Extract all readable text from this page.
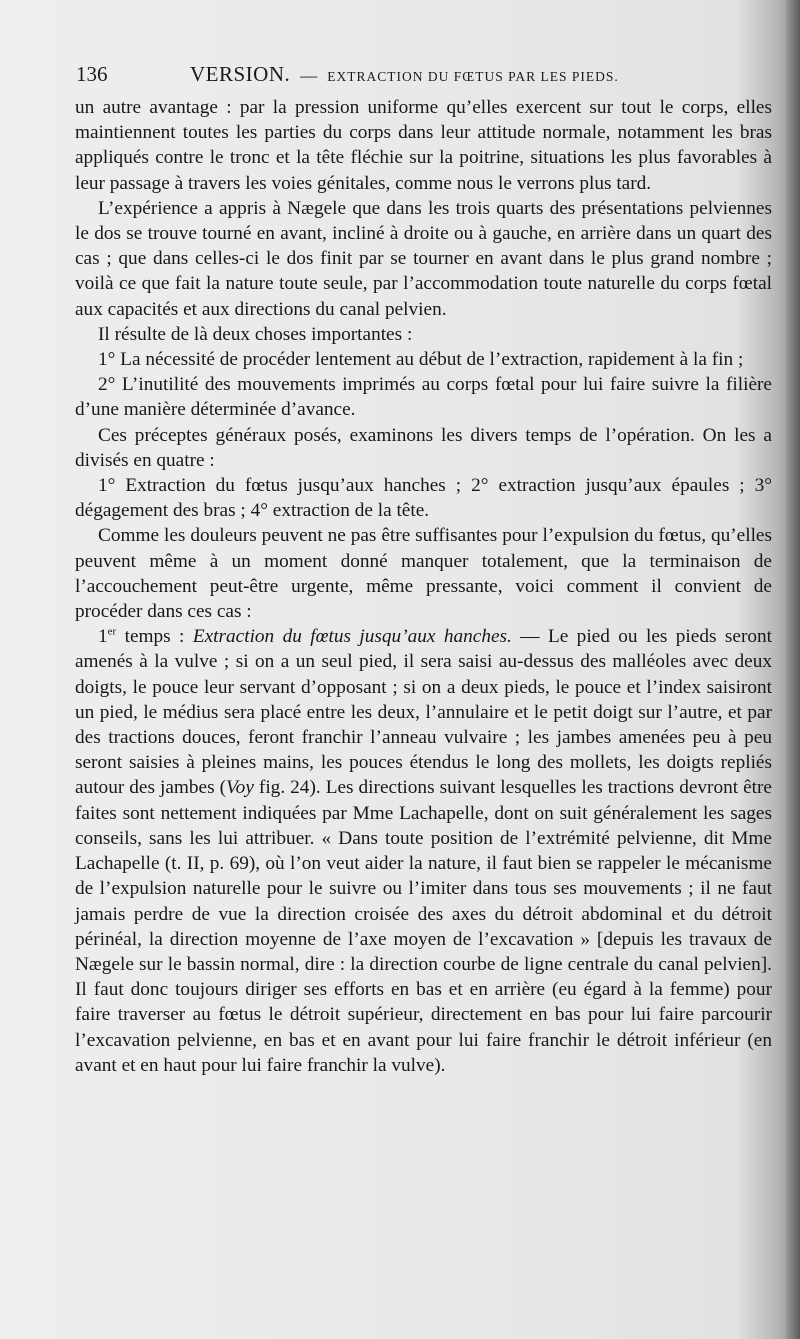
136	VERSION. — EXTRACTION DU FŒTUS PAR LES PIEDS.

un autre avantage : par la pression uniforme qu’elles exercent sur tout le corps, elles maintiennent toutes les parties du corps dans leur attitude normale, notamment les bras appliqués contre le tronc et la tête fléchie sur la poitrine, situations les plus favorables à leur passage à travers les voies génitales, comme nous le verrons plus tard.

L’expérience a appris à Nægele que dans les trois quarts des présentations pelviennes le dos se trouve tourné en avant, incliné à droite ou à gauche, en arrière dans un quart des cas ; que dans celles-ci le dos finit par se tourner en avant dans le plus grand nombre ; voilà ce que fait la nature toute seule, par l’accommodation toute naturelle du corps fœtal aux capacités et aux directions du canal pelvien.

Il résulte de là deux choses importantes :

1° La nécessité de procéder lentement au début de l’extraction, rapidement à la fin ;

2° L’inutilité des mouvements imprimés au corps fœtal pour lui faire suivre la filière d’une manière déterminée d’avance.

Ces préceptes généraux posés, examinons les divers temps de l’opération. On les a divisés en quatre :

1° Extraction du fœtus jusqu’aux hanches ; 2° extraction jusqu’aux épaules ; 3° dégagement des bras ; 4° extraction de la tête.

Comme les douleurs peuvent ne pas être suffisantes pour l’expulsion du fœtus, qu’elles peuvent même à un moment donné manquer totalement, que la terminaison de l’accouchement peut-être urgente, même pressante, voici comment il convient de procéder dans ces cas :

1er temps : Extraction du fœtus jusqu’aux hanches. — Le pied ou les pieds seront amenés à la vulve ; si on a un seul pied, il sera saisi au-dessus des malléoles avec deux doigts, le pouce leur servant d’opposant ; si on a deux pieds, le pouce et l’index saisiront un pied, le médius sera placé entre les deux, l’annulaire et le petit doigt sur l’autre, et par des tractions douces, feront franchir l’anneau vulvaire ; les jambes amenées peu à peu seront saisies à pleines mains, les pouces étendus le long des mollets, les doigts repliés autour des jambes (Voy fig. 24). Les directions suivant lesquelles les tractions devront être faites sont nettement indiquées par Mme Lachapelle, dont on suit généralement les sages conseils, sans les lui attribuer. « Dans toute position de l’extrémité pelvienne, dit Mme Lachapelle (t. II, p. 69), où l’on veut aider la nature, il faut bien se rappeler le mécanisme de l’expulsion naturelle pour le suivre ou l’imiter dans tous ses mouvements ; il ne faut jamais perdre de vue la direction croisée des axes du détroit abdominal et du détroit périnéal, la direction moyenne de l’axe moyen de l’excavation » [depuis les travaux de Nægele sur le bassin normal, dire : la direction courbe de ligne centrale du canal pelvien]. Il faut donc toujours diriger ses efforts en bas et en arrière (eu égard à la femme) pour faire traverser au fœtus le détroit supérieur, directement en bas pour lui faire parcourir l’excavation pelvienne, en bas et en avant pour lui faire franchir le détroit inférieur (en avant et en haut pour lui faire franchir la vulve).
